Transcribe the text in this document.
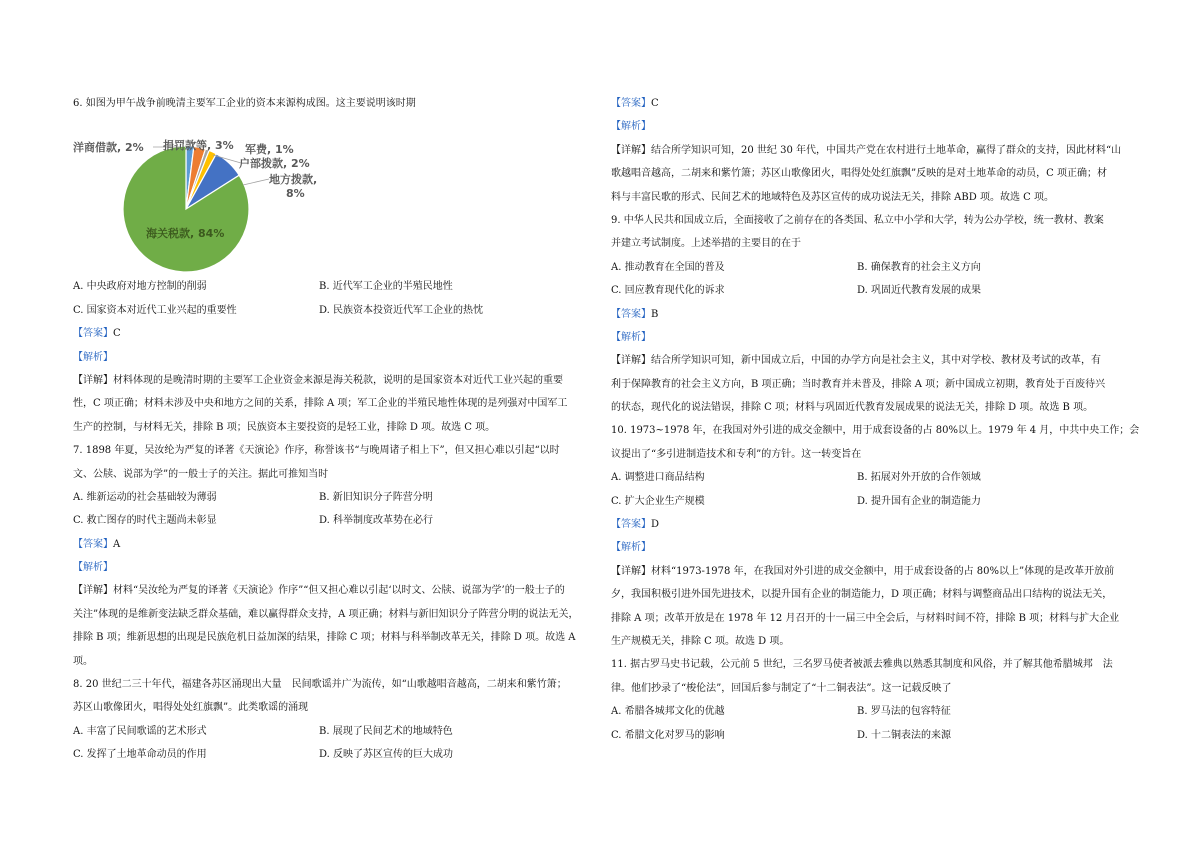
6. 如图为甲午战争前晚清主要军工企业的资本来源构成图。这主要说明该时期
洋商借款, 2% 捐罚款等, 3% 军费, 1%
户部拨款, 2%
地方拨款,
8%
海关税款, 84%
A. 中央政府对地方控制的削弱	B. 近代军工企业的半殖民地性
C. 国家资本对近代工业兴起的重要性	D. 民族资本投资近代军工企业的热忱
【答案】C
【解析】
【详解】材料体现的是晚清时期的主要军工企业资金来源是海关税款，说明的是国家资本对近代工业兴起的重要
性，C 项正确；材料未涉及中央和地方之间的关系，排除 A 项；军工企业的半殖民地性体现的是列强对中国军工
生产的控制，与材料无关，排除 B 项；民族资本主要投资的是轻工业，排除 D 项。故选 C 项。
7. 1898 年夏，吴汝纶为严复的译著《天演论》作序，称誉该书“与晚周诸子相上下”，但又担心难以引起“以时
文、公牍、说部为学”的一般士子的关注。据此可推知当时
A. 维新运动的社会基础较为薄弱	B. 新旧知识分子阵营分明
C. 救亡图存的时代主题尚未彰显	D. 科举制度改革势在必行
【答案】A
【解析】
【详解】材料“吴汝纶为严复的译著《天演论》作序”“但又担心难以引起‘以时文、公牍、说部为学’的一般士子的
关注”体现的是维新变法缺乏群众基础，难以赢得群众支持，A 项正确；材料与新旧知识分子阵营分明的说法无关，
排除 B 项；维新思想的出现是民族危机日益加深的结果，排除 C 项；材料与科举制改革无关，排除 D 项。故选 A
项。
8. 20 世纪二三十年代，福建各苏区涌现出大量　民间歌谣并广为流传，如“山歌越唱音越高，二胡来和紫竹箫；
苏区山歌像团火，唱得处处红旗飘”。此类歌谣的涌现
A. 丰富了民间歌谣的艺术形式	B. 展现了民间艺术的地域特色
C. 发挥了土地革命动员的作用	D. 反映了苏区宣传的巨大成功
【答案】C
【解析】
【详解】结合所学知识可知，20 世纪 30 年代，中国共产党在农村进行土地革命，赢得了群众的支持，因此材料“山
歌越唱音越高，二胡来和紫竹箫；苏区山歌像团火，唱得处处红旗飘”反映的是对土地革命的动员，C 项正确；材
料与丰富民歌的形式、民间艺术的地域特色及苏区宣传的成功说法无关，排除 ABD 项。故选 C 项。
9. 中华人民共和国成立后，全面接收了之前存在的各类国、私立中小学和大学，转为公办学校，统一教材、教案
并建立考试制度。上述举措的主要目的在于
A. 推动教育在全国的普及	B. 确保教育的社会主义方向
C. 回应教育现代化的诉求	D. 巩固近代教育发展的成果
【答案】B
【解析】
【详解】结合所学知识可知，新中国成立后，中国的办学方向是社会主义，其中对学校、教材及考试的改革，有
利于保障教育的社会主义方向，B 项正确；当时教育并未普及，排除 A 项；新中国成立初期，教育处于百废待兴
的状态，现代化的说法错误，排除 C 项；材料与巩固近代教育发展成果的说法无关，排除 D 项。故选 B 项。
10. 1973~1978 年，在我国对外引进的成交金额中，用于成套设备的占 80%以上。1979 年 4 月，中共中央工作；会
议提出了“多引进制造技术和专利”的方针。这一转变旨在
A. 调整进口商品结构	B. 拓展对外开放的合作领域
C. 扩大企业生产规模	D. 提升国有企业的制造能力
【答案】D
【解析】
【详解】材料“1973-1978 年，在我国对外引进的成交金额中，用于成套设备的占 80%以上”体现的是改革开放前
夕，我国积极引进外国先进技术，以提升国有企业的制造能力，D 项正确；材料与调整商品出口结构的说法无关，
排除 A 项；改革开放是在 1978 年 12 月召开的十一届三中全会后，与材料时间不符，排除 B 项；材料与扩大企业
生产规模无关，排除 C 项。故选 D 项。
11. 据古罗马史书记载，公元前 5 世纪，三名罗马使者被派去雅典以熟悉其制度和风俗，并了解其他希腊城邦　法
律。他们抄录了“梭伦法”，回国后参与制定了“十二铜表法”。这一记载反映了
A. 希腊各城邦文化的优越	B. 罗马法的包容特征
C. 希腊文化对罗马的影响	D. 十二铜表法的来源
